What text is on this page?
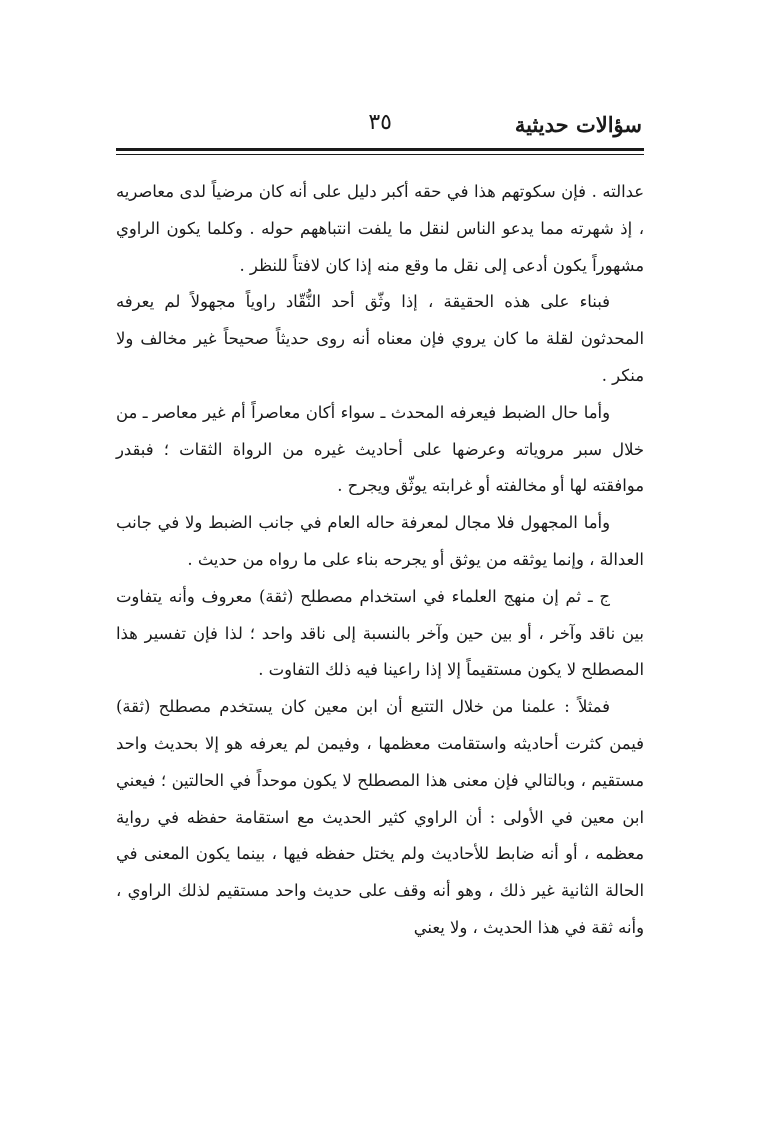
سؤالات حديثية
٣٥

عدالته . فإن سكوتهم هذا في حقه أكبر دليل على أنه كان مرضياً لدى معاصريه ، إذ شهرته مما يدعو الناس لنقل ما يلفت انتباههم حوله . وكلما يكون الراوي مشهوراً يكون أدعى إلى نقل ما وقع منه إذا كان لافتاً للنظر .

فبناء على هذه الحقيقة ، إذا وثّق أحد النُّقّاد راوياً مجهولاً لم يعرفه المحدثون لقلة ما كان يروي فإن معناه أنه روى حديثاً صحيحاً غير مخالف ولا منكر .

وأما حال الضبط فيعرفه المحدث ـ سواء أكان معاصراً أم غير معاصر ـ من خلال سبر مروياته وعرضها على أحاديث غيره من الرواة الثقات ؛ فبقدر موافقته لها أو مخالفته أو غرابته يوثّق ويجرح .

وأما المجهول فلا مجال لمعرفة حاله العام في جانب الضبط ولا في جانب العدالة ، وإنما يوثقه من يوثق أو يجرحه بناء على ما رواه من حديث .

ج ـ ثم إن منهج العلماء في استخدام مصطلح (ثقة) معروف وأنه يتفاوت بين ناقد وآخر ، أو بين حين وآخر بالنسبة إلى ناقد واحد ؛ لذا فإن تفسير هذا المصطلح لا يكون مستقيماً إلا إذا راعينا فيه ذلك التفاوت .

فمثلاً : علمنا من خلال التتبع أن ابن معين كان يستخدم مصطلح (ثقة) فيمن كثرت أحاديثه واستقامت معظمها ، وفيمن لم يعرفه هو إلا بحديث واحد مستقيم ، وبالتالي فإن معنى هذا المصطلح لا يكون موحداً في الحالتين ؛ فيعني ابن معين في الأولى : أن الراوي كثير الحديث مع استقامة حفظه في رواية معظمه ، أو أنه ضابط للأحاديث ولم يختل حفظه فيها ، بينما يكون المعنى في الحالة الثانية غير ذلك ، وهو أنه وقف على حديث واحد مستقيم لذلك الراوي ، وأنه ثقة في هذا الحديث ، ولا يعني
